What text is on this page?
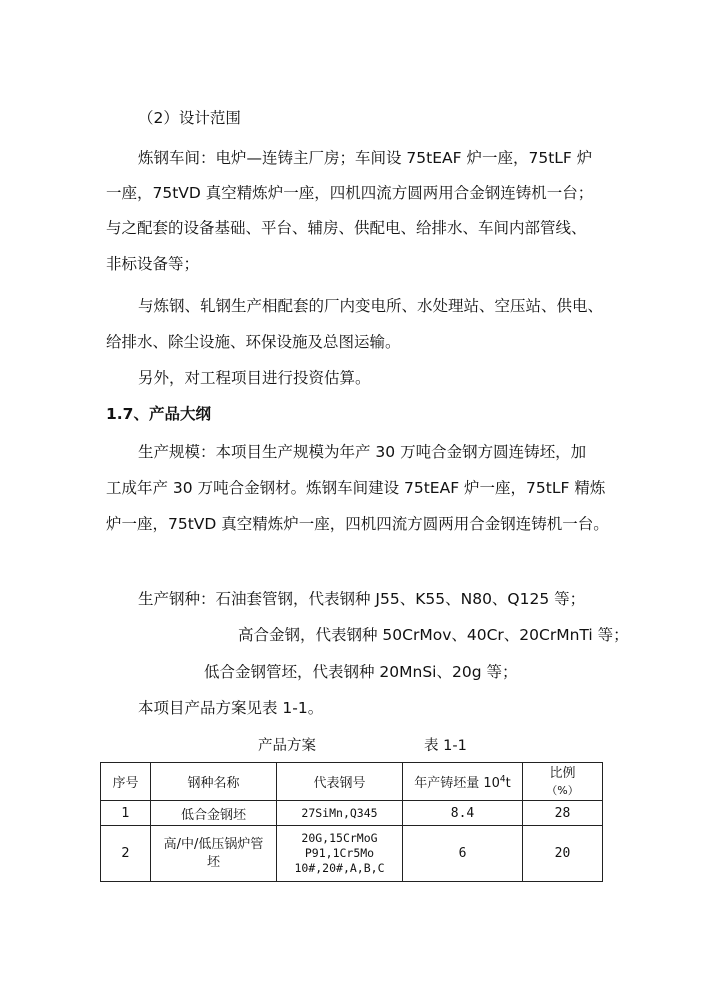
（2）设计范围
炼钢车间：电炉—连铸主厂房；车间设 75tEAF 炉一座，75tLF 炉
一座，75tVD 真空精炼炉一座，四机四流方圆两用合金钢连铸机一台；
与之配套的设备基础、平台、辅房、供配电、给排水、车间内部管线、
非标设备等；
与炼钢、轧钢生产相配套的厂内变电所、水处理站、空压站、供电、
给排水、除尘设施、环保设施及总图运输。
另外，对工程项目进行投资估算。
1.7、产品大纲
生产规模：本项目生产规模为年产 30 万吨合金钢方圆连铸坯，加
工成年产 30 万吨合金钢材。炼钢车间建设 75tEAF 炉一座，75tLF 精炼
炉一座，75tVD 真空精炼炉一座，四机四流方圆两用合金钢连铸机一台。
生产钢种：石油套管钢，代表钢种 J55、K55、N80、Q125 等；
高合金钢，代表钢种 50CrMov、40Cr、20CrMnTi 等；
低合金钢管坯，代表钢种 20MnSi、20g 等；
本项目产品方案见表 1-1。
产品方案	表 1-1
序号	钢种名称	代表钢号	年产铸坯量 $10^4t$	比例
（%）

1	低合金钢坯	27SiMn,Q345	8.4	28
2	高/中/低压锅炉管
坯	20G,15CrMoG
P91,1Cr5Mo
10#,20#,A,B,C	6	20
